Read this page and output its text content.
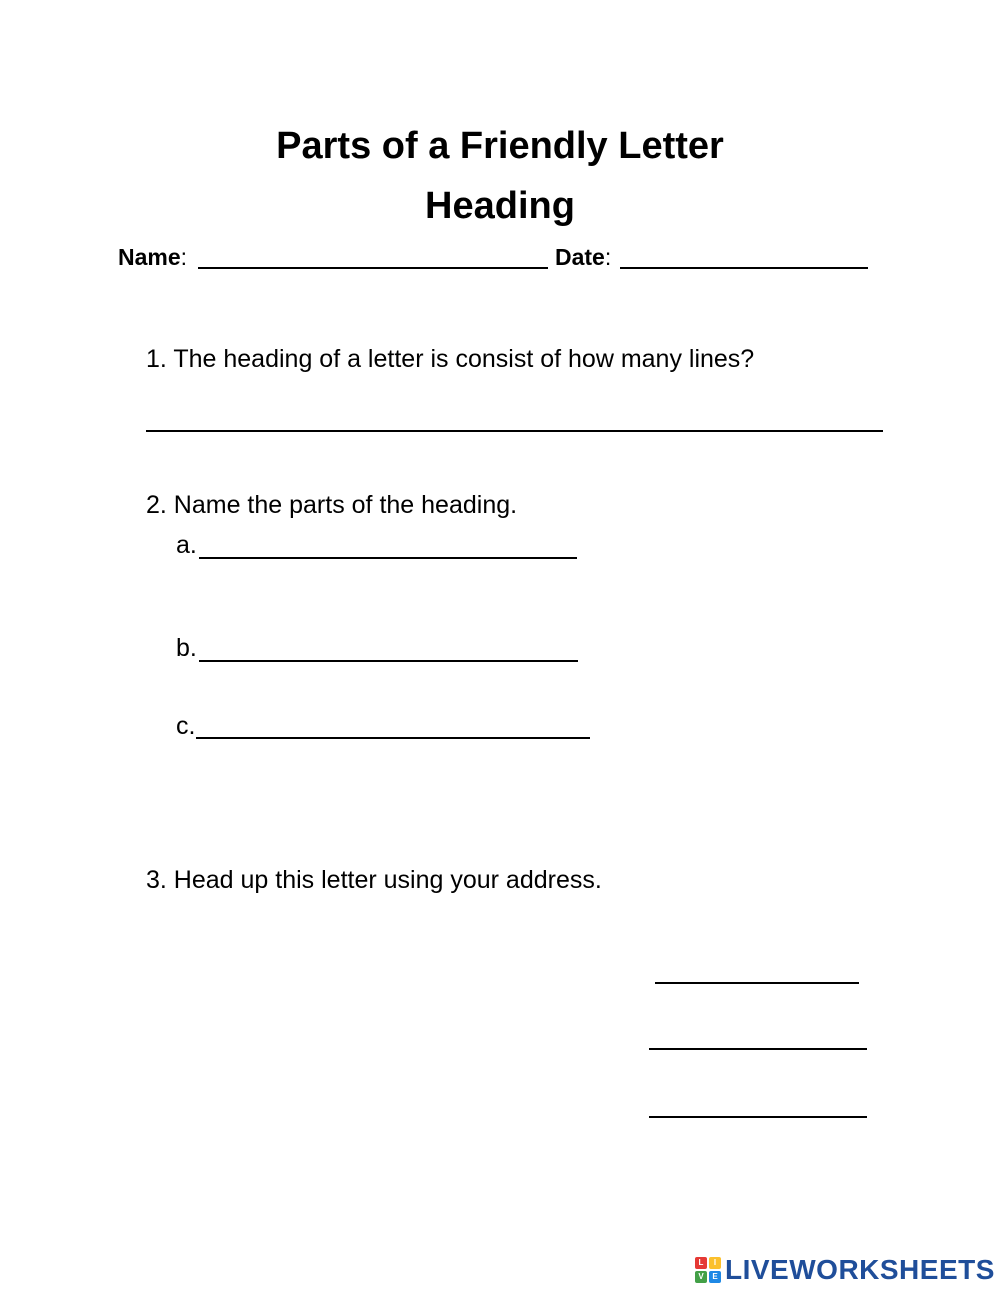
Parts of a Friendly Letter
Heading
Name:	Date:
1. The heading of a letter is consist of how many lines?
2. Name the parts of the heading.
a.
b.
c.
3. Head up this letter using your address.
L	I
V	E LIVEWORKSHEETS
